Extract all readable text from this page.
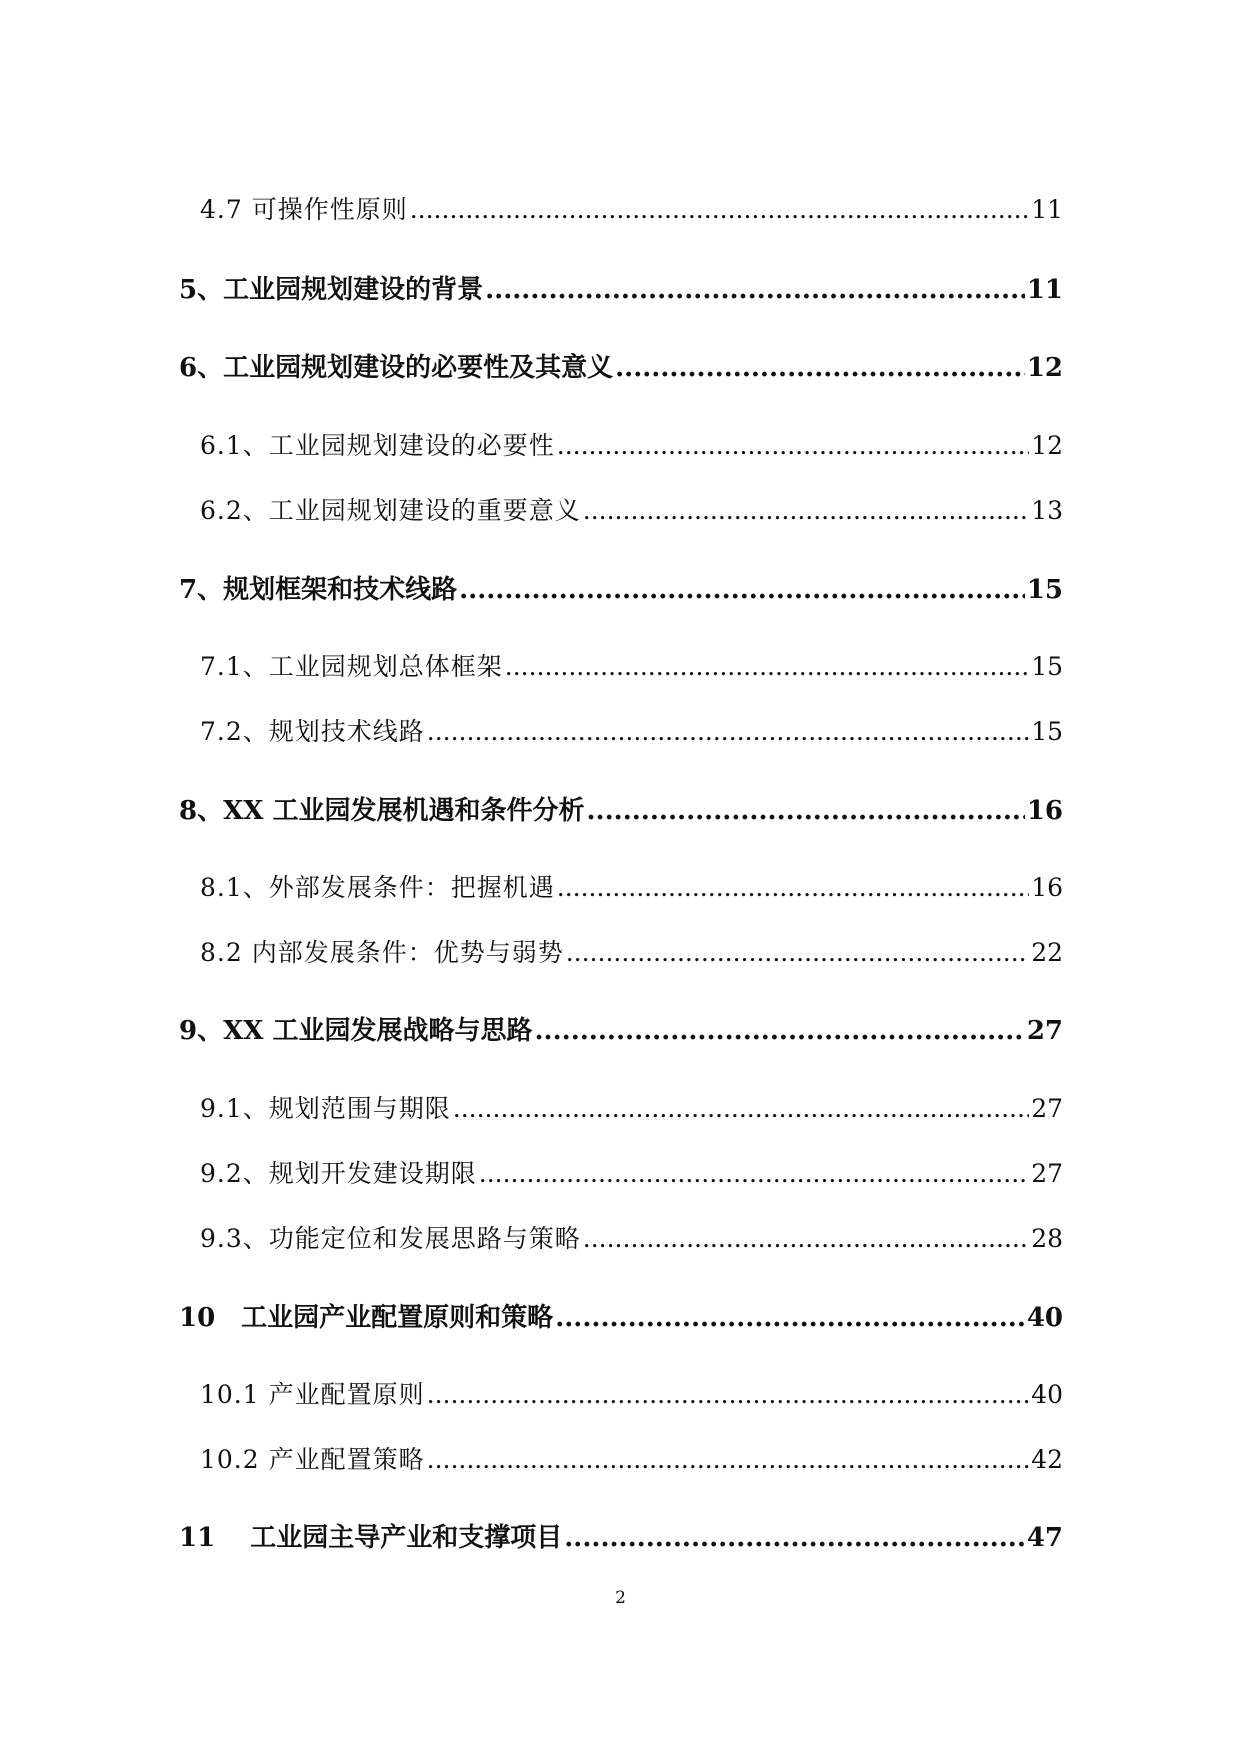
4.7 可操作性原则 .....	11
5、工业园规划建设的背景 .....	11
6、工业园规划建设的必要性及其意义 .....	12
6.1、工业园规划建设的必要性 .....	12
6.2、工业园规划建设的重要意义 .....	13
7、规划框架和技术线路 .....	15
7.1、工业园规划总体框架 .....	15
7.2、规划技术线路 .....	15
8、XX 工业园发展机遇和条件分析 .....	16
8.1、外部发展条件：把握机遇 .....	16
8.2 内部发展条件：优势与弱势 .....	22
9、XX 工业园发展战略与思路 .....	27
9.1、规划范围与期限 .....	27
9.2、规划开发建设期限 .....	27
9.3、功能定位和发展思路与策略 .....	28
10　工业园产业配置原则和策略 .....	40
10.1 产业配置原则 .....	40
10.2 产业配置策略 .....	42
11　 工业园主导产业和支撑项目 .....	47
2
